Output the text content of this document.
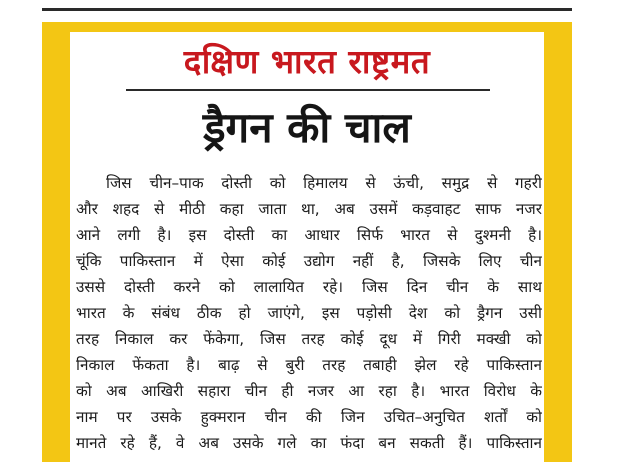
दक्षिण भारत राष्ट्रमत
ड्रैगन की चाल
जिस चीन–पाक दोस्ती को हिमालय से ऊंची, समुद्र से गहरी
और शहद से मीठी कहा जाता था, अब उसमें कड़वाहट साफ नजर
आने लगी है। इस दोस्ती का आधार सिर्फ भारत से दुश्मनी है।
चूंकि पाकिस्तान में ऐसा कोई उद्योग नहीं है, जिसके लिए चीन
उससे दोस्ती करने को लालायित रहे। जिस दिन चीन के साथ
भारत के संबंध ठीक हो जाएंगे, इस पड़ोसी देश को ड्रैगन उसी
तरह निकाल कर फेंकेगा, जिस तरह कोई दूध में गिरी मक्खी को
निकाल फेंकता है। बाढ़ से बुरी तरह तबाही झेल रहे पाकिस्तान
को अब आखिरी सहारा चीन ही नजर आ रहा है। भारत विरोध के
नाम पर उसके हुक्मरान चीन की जिन उचित–अनुचित शर्तों को
मानते रहे हैं, वे अब उसके गले का फंदा बन सकती हैं। पाकिस्तान
